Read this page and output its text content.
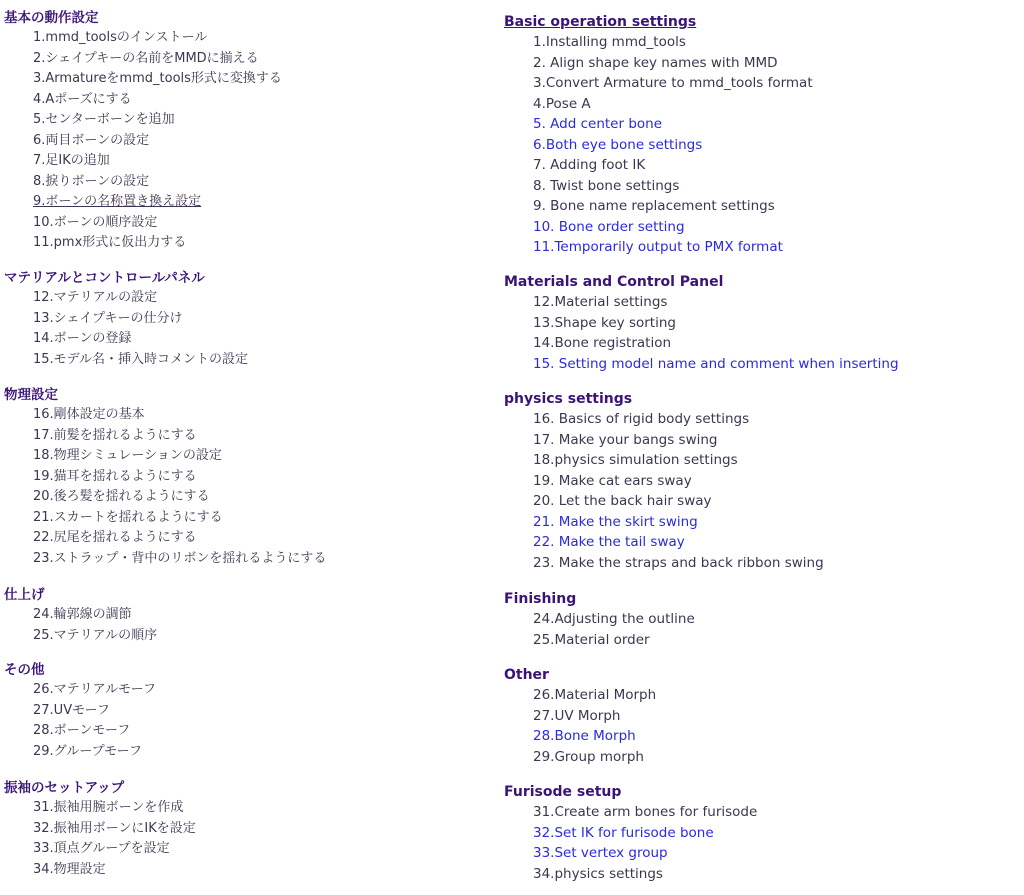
基本の動作設定
1.mmd_toolsのインストール
2.シェイプキーの名前をMMDに揃える
3.Armatureをmmd_tools形式に変換する
4.Aポーズにする
5.センターボーンを追加
6.両目ボーンの設定
7.足IKの追加
8.捩りボーンの設定
9.ボーンの名称置き換え設定
10.ボーンの順序設定
11.pmx形式に仮出力する
マテリアルとコントロールパネル
12.マテリアルの設定
13.シェイプキーの仕分け
14.ボーンの登録
15.モデル名・挿入時コメントの設定
物理設定
16.剛体設定の基本
17.前髪を揺れるようにする
18.物理シミュレーションの設定
19.猫耳を揺れるようにする
20.後ろ髪を揺れるようにする
21.スカートを揺れるようにする
22.尻尾を揺れるようにする
23.ストラップ・背中のリボンを揺れるようにする
仕上げ
24.輪郭線の調節
25.マテリアルの順序
その他
26.マテリアルモーフ
27.UVモーフ
28.ボーンモーフ
29.グループモーフ
振袖のセットアップ
31.振袖用腕ボーンを作成
32.振袖用ボーンにIKを設定
33.頂点グループを設定
34.物理設定
Basic operation settings
1.Installing mmd_tools
2. Align shape key names with MMD
3.Convert Armature to mmd_tools format
4.Pose A
5. Add center bone
6.Both eye bone settings
7. Adding foot IK
8. Twist bone settings
9. Bone name replacement settings
10. Bone order setting
11.Temporarily output to PMX format
Materials and Control Panel
12.Material settings
13.Shape key sorting
14.Bone registration
15. Setting model name and comment when inserting
physics settings
16. Basics of rigid body settings
17. Make your bangs swing
18.physics simulation settings
19. Make cat ears sway
20. Let the back hair sway
21. Make the skirt swing
22. Make the tail sway
23. Make the straps and back ribbon swing
Finishing
24.Adjusting the outline
25.Material order
Other
26.Material Morph
27.UV Morph
28.Bone Morph
29.Group morph
Furisode setup
31.Create arm bones for furisode
32.Set IK for furisode bone
33.Set vertex group
34.physics settings
